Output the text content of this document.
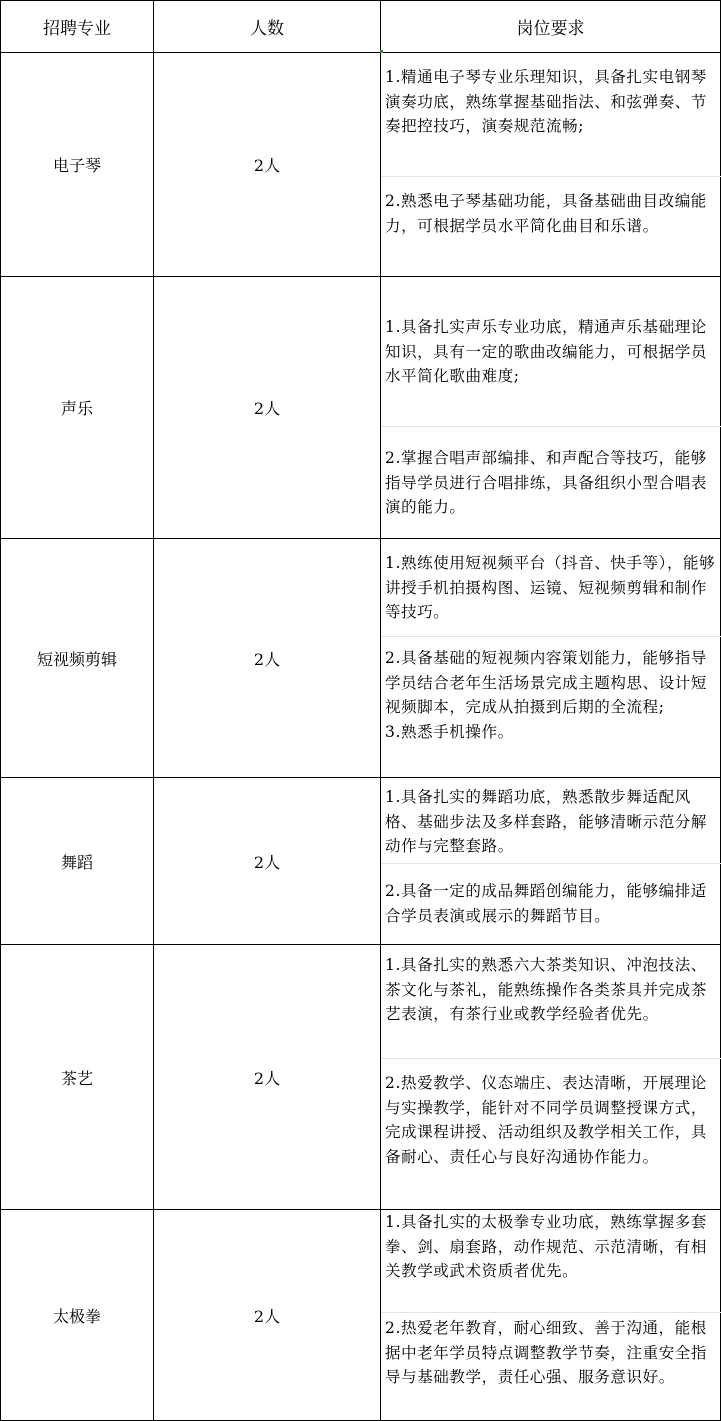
招聘专业	人数	岗位要求
电子琴	2人
1.精通电子琴专业乐理知识，具备扎实电钢琴演奏功底，熟练掌握基础指法、和弦弹奏、节奏把控技巧，演奏规范流畅;
2.熟悉电子琴基础功能，具备基础曲目改编能力，可根据学员水平简化曲目和乐谱。
声乐	2人
1.具备扎实声乐专业功底，精通声乐基础理论知识，具有一定的歌曲改编能力，可根据学员水平简化歌曲难度;
2.掌握合唱声部编排、和声配合等技巧，能够指导学员进行合唱排练，具备组织小型合唱表演的能力。
短视频剪辑	2人
1.熟练使用短视频平台（抖音、快手等），能够讲授手机拍摄构图、运镜、短视频剪辑和制作等技巧。
2.具备基础的短视频内容策划能力，能够指导学员结合老年生活场景完成主题构思、设计短视频脚本，完成从拍摄到后期的全流程;
3.熟悉手机操作。
舞蹈	2人
1.具备扎实的舞蹈功底，熟悉散步舞适配风格、基础步法及多样套路，能够清晰示范分解动作与完整套路。
2.具备一定的成品舞蹈创编能力，能够编排适合学员表演或展示的舞蹈节目。
茶艺	2人
1.具备扎实的熟悉六大茶类知识、冲泡技法、茶文化与茶礼，能熟练操作各类茶具并完成茶艺表演，有茶行业或教学经验者优先。
2.热爱教学、仪态端庄、表达清晰，开展理论与实操教学，能针对不同学员调整授课方式，完成课程讲授、活动组织及教学相关工作，具备耐心、责任心与良好沟通协作能力。
太极拳	2人
1.具备扎实的太极拳专业功底，熟练掌握多套拳、剑、扇套路，动作规范、示范清晰，有相关教学或武术资质者优先。
2.热爱老年教育，耐心细致、善于沟通，能根据中老年学员特点调整教学节奏，注重安全指导与基础教学，责任心强、服务意识好。
